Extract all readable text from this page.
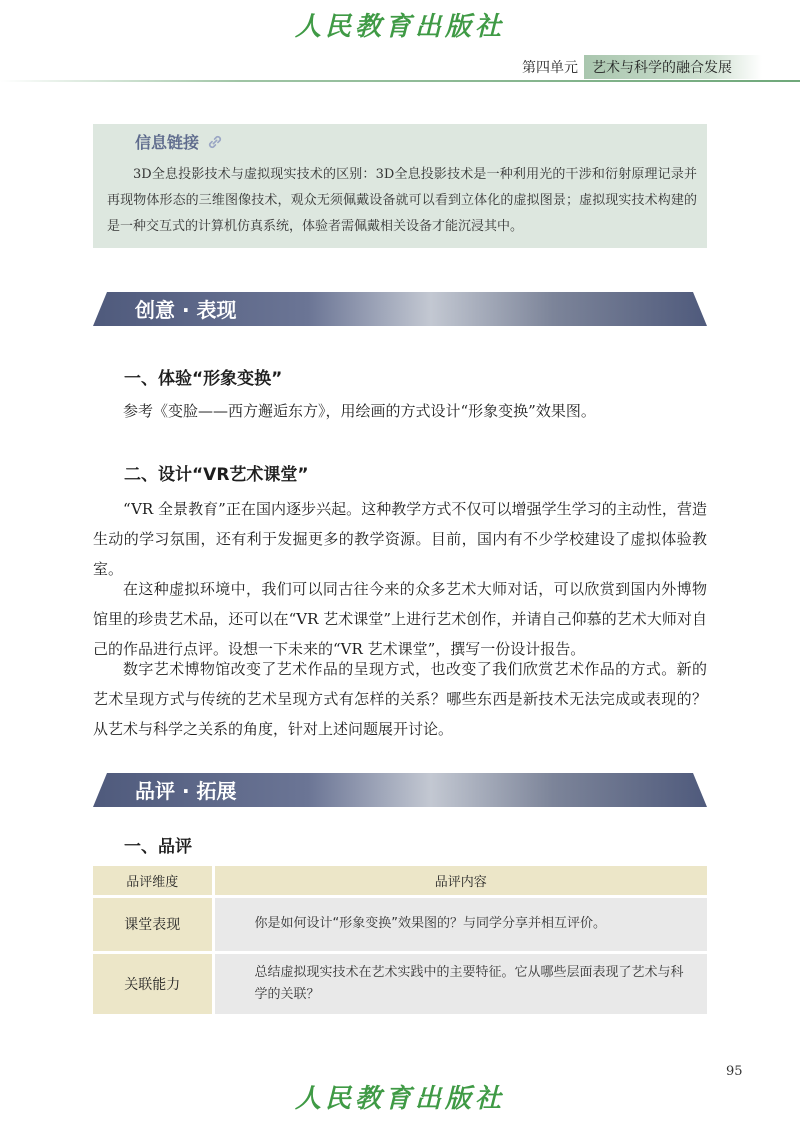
人民教育出版社
第四单元	艺术与科学的融合发展
信息链接
3D全息投影技术与虚拟现实技术的区别：3D全息投影技术是一种利用光的干涉和衍射原理记录并再现物体形态的三维图像技术，观众无须佩戴设备就可以看到立体化的虚拟图景；虚拟现实技术构建的是一种交互式的计算机仿真系统，体验者需佩戴相关设备才能沉浸其中。
创意 · 表现
一、体验“形象变换”
参考《变脸——西方邂逅东方》，用绘画的方式设计“形象变换”效果图。
二、设计“VR艺术课堂”
“VR 全景教育”正在国内逐步兴起。这种教学方式不仅可以增强学生学习的主动性，营造生动的学习氛围，还有利于发掘更多的教学资源。目前，国内有不少学校建设了虚拟体验教室。
在这种虚拟环境中，我们可以同古往今来的众多艺术大师对话，可以欣赏到国内外博物馆里的珍贵艺术品，还可以在“VR 艺术课堂”上进行艺术创作，并请自己仰慕的艺术大师对自己的作品进行点评。设想一下未来的“VR 艺术课堂”，撰写一份设计报告。
数字艺术博物馆改变了艺术作品的呈现方式，也改变了我们欣赏艺术作品的方式。新的艺术呈现方式与传统的艺术呈现方式有怎样的关系？哪些东西是新技术无法完成或表现的？从艺术与科学之关系的角度，针对上述问题展开讨论。
品评 · 拓展
一、品评
品评维度	品评内容
课堂表现	你是如何设计“形象变换”效果图的？与同学分享并相互评价。
关联能力	总结虚拟现实技术在艺术实践中的主要特征。它从哪些层面表现了艺术与科学的关联？
95
人民教育出版社
